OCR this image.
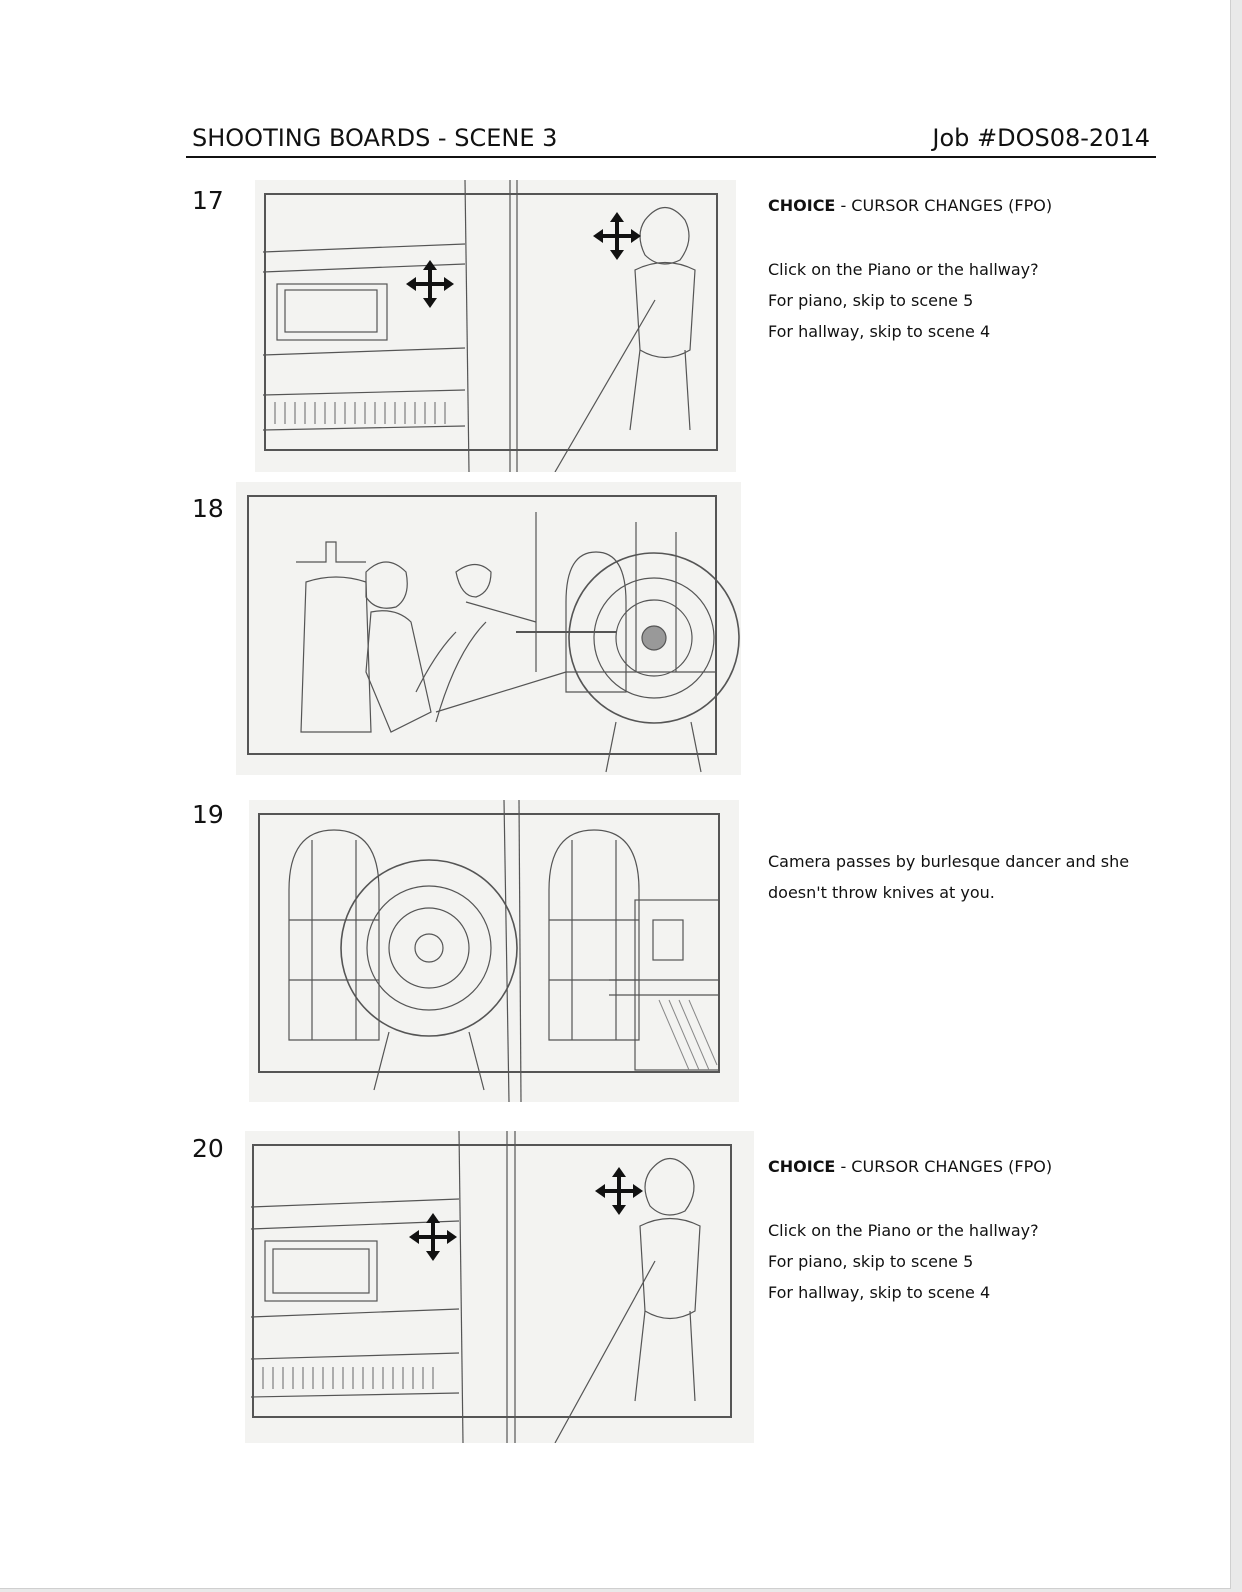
SHOOTING BOARDS - SCENE 3	Job #DOS08-2014
17	CHOICE - CURSOR CHANGES (FPO)
Click on the Piano or the hallway?
For piano, skip to scene 5
For hallway, skip to scene 4
18
19
Camera passes by burlesque dancer and she
doesn't throw knives at you.
20
CHOICE - CURSOR CHANGES (FPO)
Click on the Piano or the hallway?
For piano, skip to scene 5
For hallway, skip to scene 4
